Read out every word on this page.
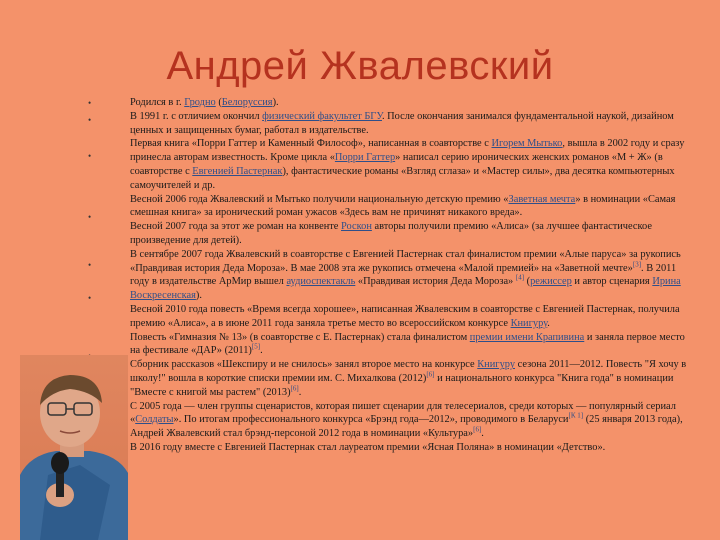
Андрей Жвалевский
•
•
•
•
•
•
Родился в г. Гродно (Белоруссия).
В 1991 г. с отличием окончил физический факультет БГУ. После окончания занимался фундаментальной наукой, дизайном ценных и защищенных бумаг, работал в издательстве.
Первая книга «Порри Гаттер и Каменный Философ», написанная в соавторстве с Игорем Мытько, вышла в 2002 году и сразу принесла авторам известность. Кроме цикла «Порри Гаттер» написал серию иронических женских романов «М + Ж» (в соавторстве с Евгенией Пастернак), фантастические романы «Взгляд сглаза» и «Мастер силы», два десятка компьютерных самоучителей и др.
Весной 2006 года Жвалевский и Мытько получили национальную детскую премию «Заветная мечта» в номинации «Самая смешная книга» за иронический роман ужасов «Здесь вам не причинят никакого вреда».
Весной 2007 года за этот же роман на конвенте Роскон авторы получили премию «Алиса» (за лучшее фантастическое произведение для детей).
В сентябре 2007 года Жвалевский в соавторстве с Евгенией Пастернак стал финалистом премии «Алые паруса» за рукопись «Правдивая история Деда Мороза». В мае 2008 эта же рукопись отмечена «Малой премией» на «Заветной мечте»[3]. В 2011 году в издательстве АрМир вышел аудиоспектакль «Правдивая история Деда Мороза» [4] (режиссер и автор сценария Ирина Воскресенская).
Весной 2010 года повесть «Время всегда хорошее», написанная Жвалевским в соавторстве с Евгенией Пастернак, получила премию «Алиса», а в июне 2011 года заняла третье место во всероссийском конкурсе Книгуру.
Повесть «Гимназия № 13» (в соавторстве с Е. Пастернак) стала финалистом премии имени Крапивина и заняла первое место на фестивале «ДАР» (2011)[5].
Сборник рассказов «Шекспиру и не снилось» занял второе место на конкурсе Книгуру сезона 2011—2012. Повесть "Я хочу в школу!" вошла в короткие списки премии им. С. Михалкова (2012)[6] и национального конкурса "Книга года" в номинации "Вместе с книгой мы растем" (2013)[6].
С 2005 года — член группы сценаристов, которая пишет сценарии для телесериалов, среди которых — популярный сериал «Солдаты». По итогам профессионального конкурса «Брэнд года—2012», проводимого в Беларуси[К 1] (25 января 2013 года), Андрей Жвалевский стал брэнд-персоной 2012 года в номинации «Культура»[6].
В 2016 году вместе с Евгенией Пастернак стал лауреатом премии «Ясная Поляна» в номинации «Детство».
